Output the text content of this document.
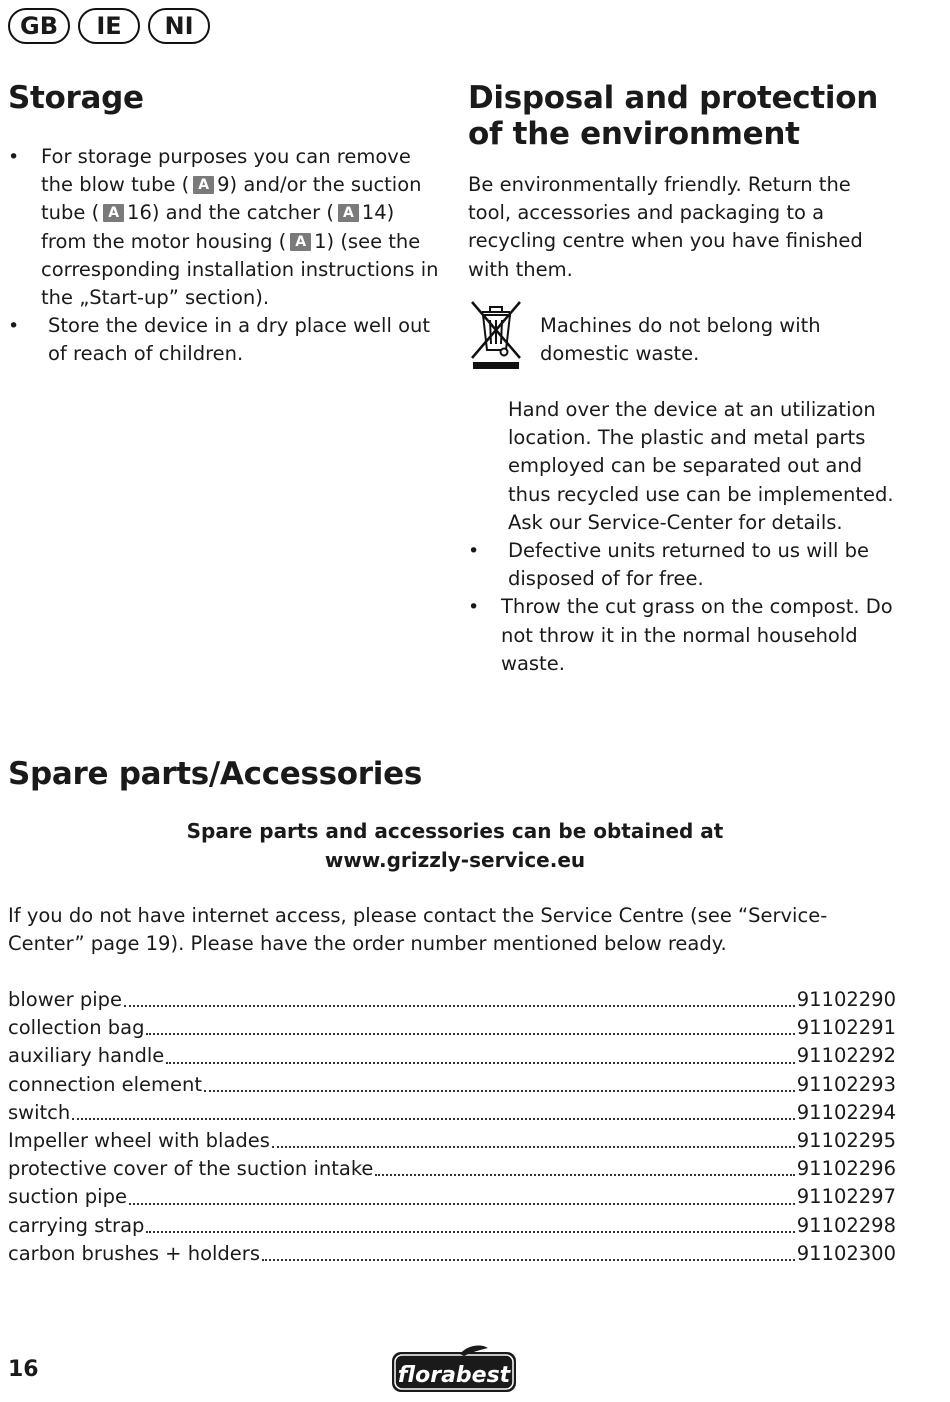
GB	IE	NI
Storage
• For storage purposes you can remove the blow tube ( A 9) and/or the suction tube ( A 16) and the catcher ( A 14) from the motor housing ( A 1) (see the corresponding installation instructions in the „Start-up” section).
• Store the device in a dry place well out of reach of children.
Disposal and protection
of the environment
Be environmentally friendly. Return the tool, accessories and packaging to a recycling centre when you have finished with them.
Machines do not belong with domestic waste.
Hand over the device at an utilization location. The plastic and metal parts employed can be separated out and thus recycled use can be implemented. Ask our Service-Center for details.
• Defective units returned to us will be disposed of for free.
• Throw the cut grass on the compost. Do not throw it in the normal household waste.
Spare parts/Accessories
Spare parts and accessories can be obtained at
www.grizzly-service.eu
If you do not have internet access, please contact the Service Centre (see “Service-Center” page 19). Please have the order number mentioned below ready.
blower pipe	91102290
collection bag	91102291
auxiliary handle	91102292
connection element	91102293
switch	91102294
Impeller wheel with blades	91102295
protective cover of the suction intake	91102296
suction pipe	91102297
carrying strap	91102298
carbon brushes + holders	91102300
16	florabest
